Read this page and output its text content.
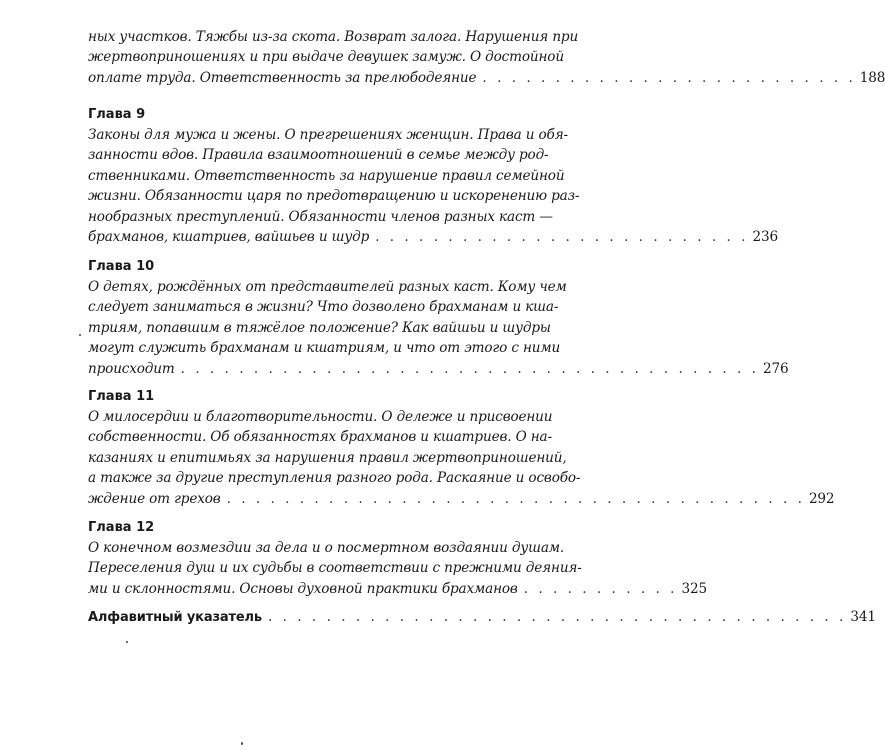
ных участков. Тяжбы из-за скота. Возврат залога. Нарушения при
жертвоприношениях и при выдаче девушек замуж. О достойной
оплате труда. Ответственность за прелюбодеяние . . . . . . . . . . . . . . . . . . . . . . . . . . 188
Глава 9
Законы для мужа и жены. О прегрешениях женщин. Права и обя-
занности вдов. Правила взаимоотношений в семье между род-
ственниками. Ответственность за нарушение правил семейной
жизни. Обязанности царя по предотвращению и искоренению раз-
нообразных преступлений. Обязанности членов разных каст —
брахманов, кшатриев, вайшьев и шудр . . . . . . . . . . . . . . . . . . . . . . . . . . 236
Глава 10
О детях, рождённых от представителей разных каст. Кому чем
следует заниматься в жизни? Что дозволено брахманам и кша-
триям, попавшим в тяжёлое положение? Как вайшьи и шудры
могут служить брахманам и кшатриям, и что от этого с ними
происходит . . . . . . . . . . . . . . . . . . . . . . . . . . . . . . . . . . . . . . . . 276
Глава 11
О милосердии и благотворительности. О дележе и присвоении
собственности. Об обязанностях брахманов и кшатриев. О на-
казаниях и епитимьях за нарушения правил жертвоприношений,
а также за другие преступления разного рода. Раскаяние и освобо-
ждение от грехов . . . . . . . . . . . . . . . . . . . . . . . . . . . . . . . . . . . . . . . . 292
Глава 12
О конечном возмездии за дела и о посмертном воздаянии душам.
Переселения душ и их судьбы в соответствии с прежними деяния-
ми и склонностями. Основы духовной практики брахманов . . . . . . . . . . . 325
Алфавитный указатель . . . . . . . . . . . . . . . . . . . . . . . . . . . . . . . . . . . . . . . . 341
